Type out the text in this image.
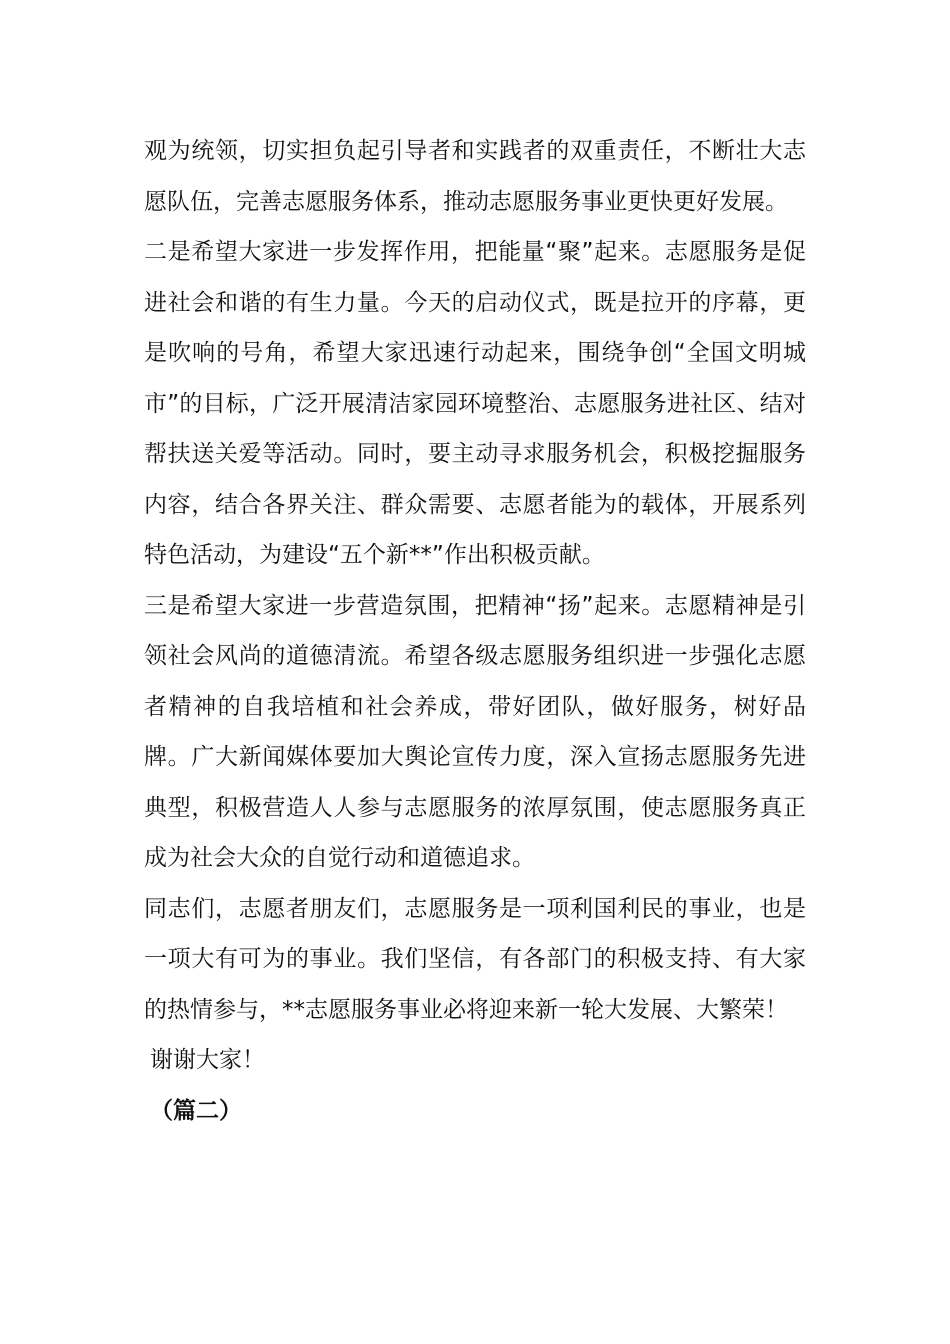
观为统领，切实担负起引导者和实践者的双重责任，不断壮大志愿队伍，完善志愿服务体系，推动志愿服务事业更快更好发展。

二是希望大家进一步发挥作用，把能量“聚”起来。志愿服务是促进社会和谐的有生力量。今天的启动仪式，既是拉开的序幕，更是吹响的号角，希望大家迅速行动起来，围绕争创“全国文明城市”的目标，广泛开展清洁家园环境整治、志愿服务进社区、结对帮扶送关爱等活动。同时，要主动寻求服务机会，积极挖掘服务内容，结合各界关注、群众需要、志愿者能为的载体，开展系列特色活动，为建设“五个新**”作出积极贡献。

三是希望大家进一步营造氛围，把精神“扬”起来。志愿精神是引领社会风尚的道德清流。希望各级志愿服务组织进一步强化志愿者精神的自我培植和社会养成，带好团队，做好服务，树好品牌。广大新闻媒体要加大舆论宣传力度，深入宣扬志愿服务先进典型，积极营造人人参与志愿服务的浓厚氛围，使志愿服务真正成为社会大众的自觉行动和道德追求。

同志们，志愿者朋友们，志愿服务是一项利国利民的事业，也是一项大有可为的事业。我们坚信，有各部门的积极支持、有大家的热情参与，**志愿服务事业必将迎来新一轮大发展、大繁荣！

谢谢大家！

（篇二）
